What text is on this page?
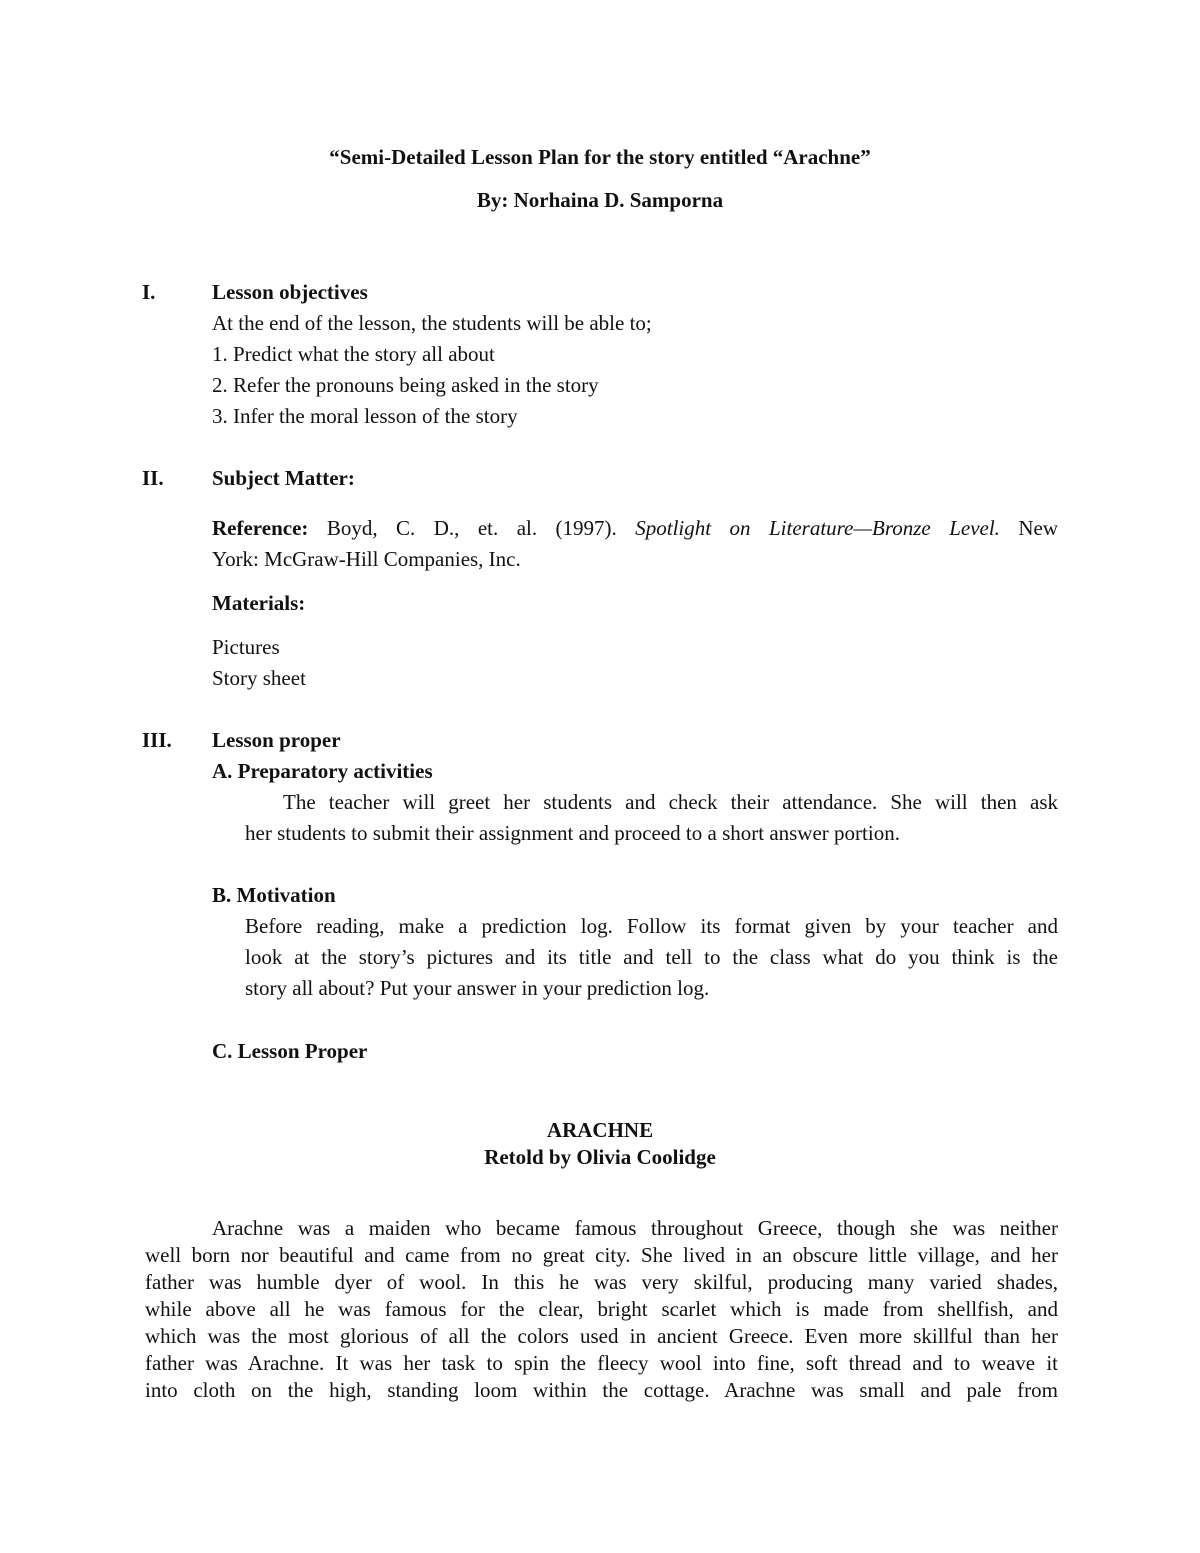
“Semi-Detailed Lesson Plan for the story entitled “Arachne”
By: Norhaina D. Samporna
I.	Lesson objectives
At the end of the lesson, the students will be able to;
1. Predict what the story all about
2. Refer the pronouns being asked in the story
3. Infer the moral lesson of the story
II. Subject Matter:
Reference: Boyd, C. D., et. al. (1997). Spotlight on Literature—Bronze Level. New
York: McGraw-Hill Companies, Inc.
Materials:
Pictures
Story sheet
III. Lesson proper
A. Preparatory activities
The teacher will greet her students and check their attendance. She will then ask
her students to submit their assignment and proceed to a short answer portion.
B. Motivation
Before reading, make a prediction log. Follow its format given by your teacher and
look at the story’s pictures and its title and tell to the class what do you think is the
story all about? Put your answer in your prediction log.
C. Lesson Proper
ARACHNE
Retold by Olivia Coolidge
Arachne was a maiden who became famous throughout Greece, though she was neither
well born nor beautiful and came from no great city. She lived in an obscure little village, and her
father was humble dyer of wool. In this he was very skilful, producing many varied shades,
while above all he was famous for the clear, bright scarlet which is made from shellfish, and
which was the most glorious of all the colors used in ancient Greece. Even more skillful than her
father was Arachne. It was her task to spin the fleecy wool into fine, soft thread and to weave it
into cloth on the high, standing loom within the cottage. Arachne was small and pale from
